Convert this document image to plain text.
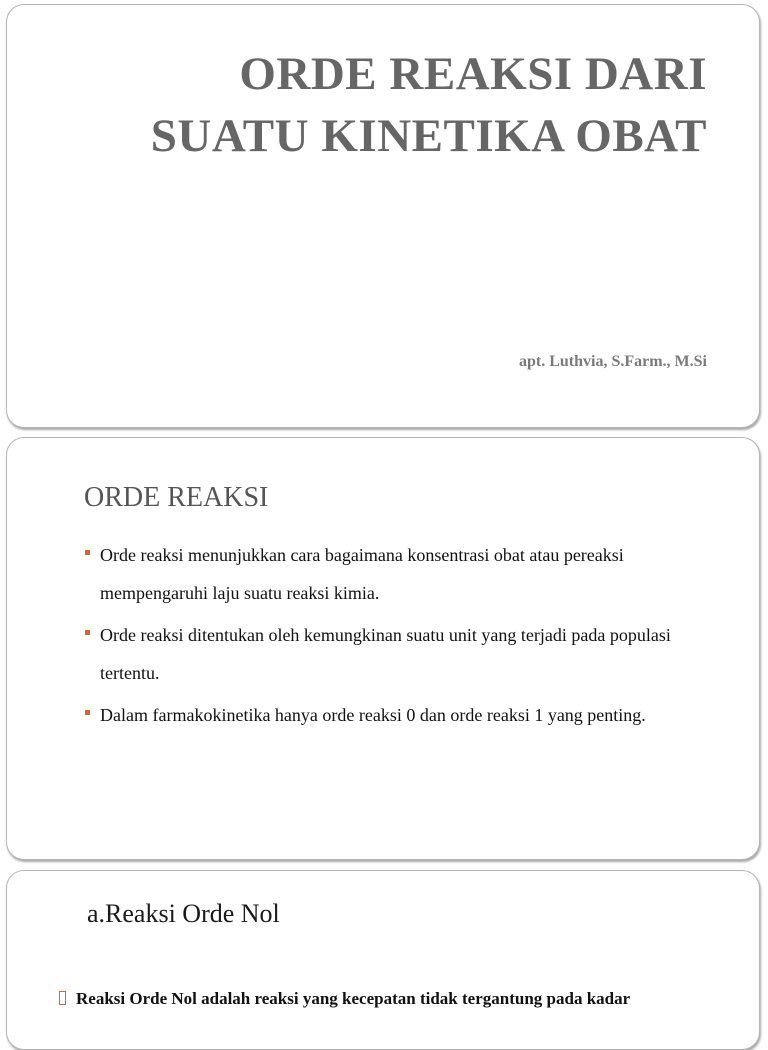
ORDE REAKSI DARI
SUATU KINETIKA OBAT
apt. Luthvia, S.Farm., M.Si
ORDE REAKSI
Orde reaksi menunjukkan cara bagaimana konsentrasi obat atau pereaksi mempengaruhi laju suatu reaksi kimia.
Orde reaksi ditentukan oleh kemungkinan suatu unit yang terjadi pada populasi tertentu.
Dalam farmakokinetika hanya orde reaksi 0 dan orde reaksi 1 yang penting.
a.Reaksi Orde Nol
Reaksi Orde Nol adalah reaksi yang kecepatan tidak tergantung pada kadar
